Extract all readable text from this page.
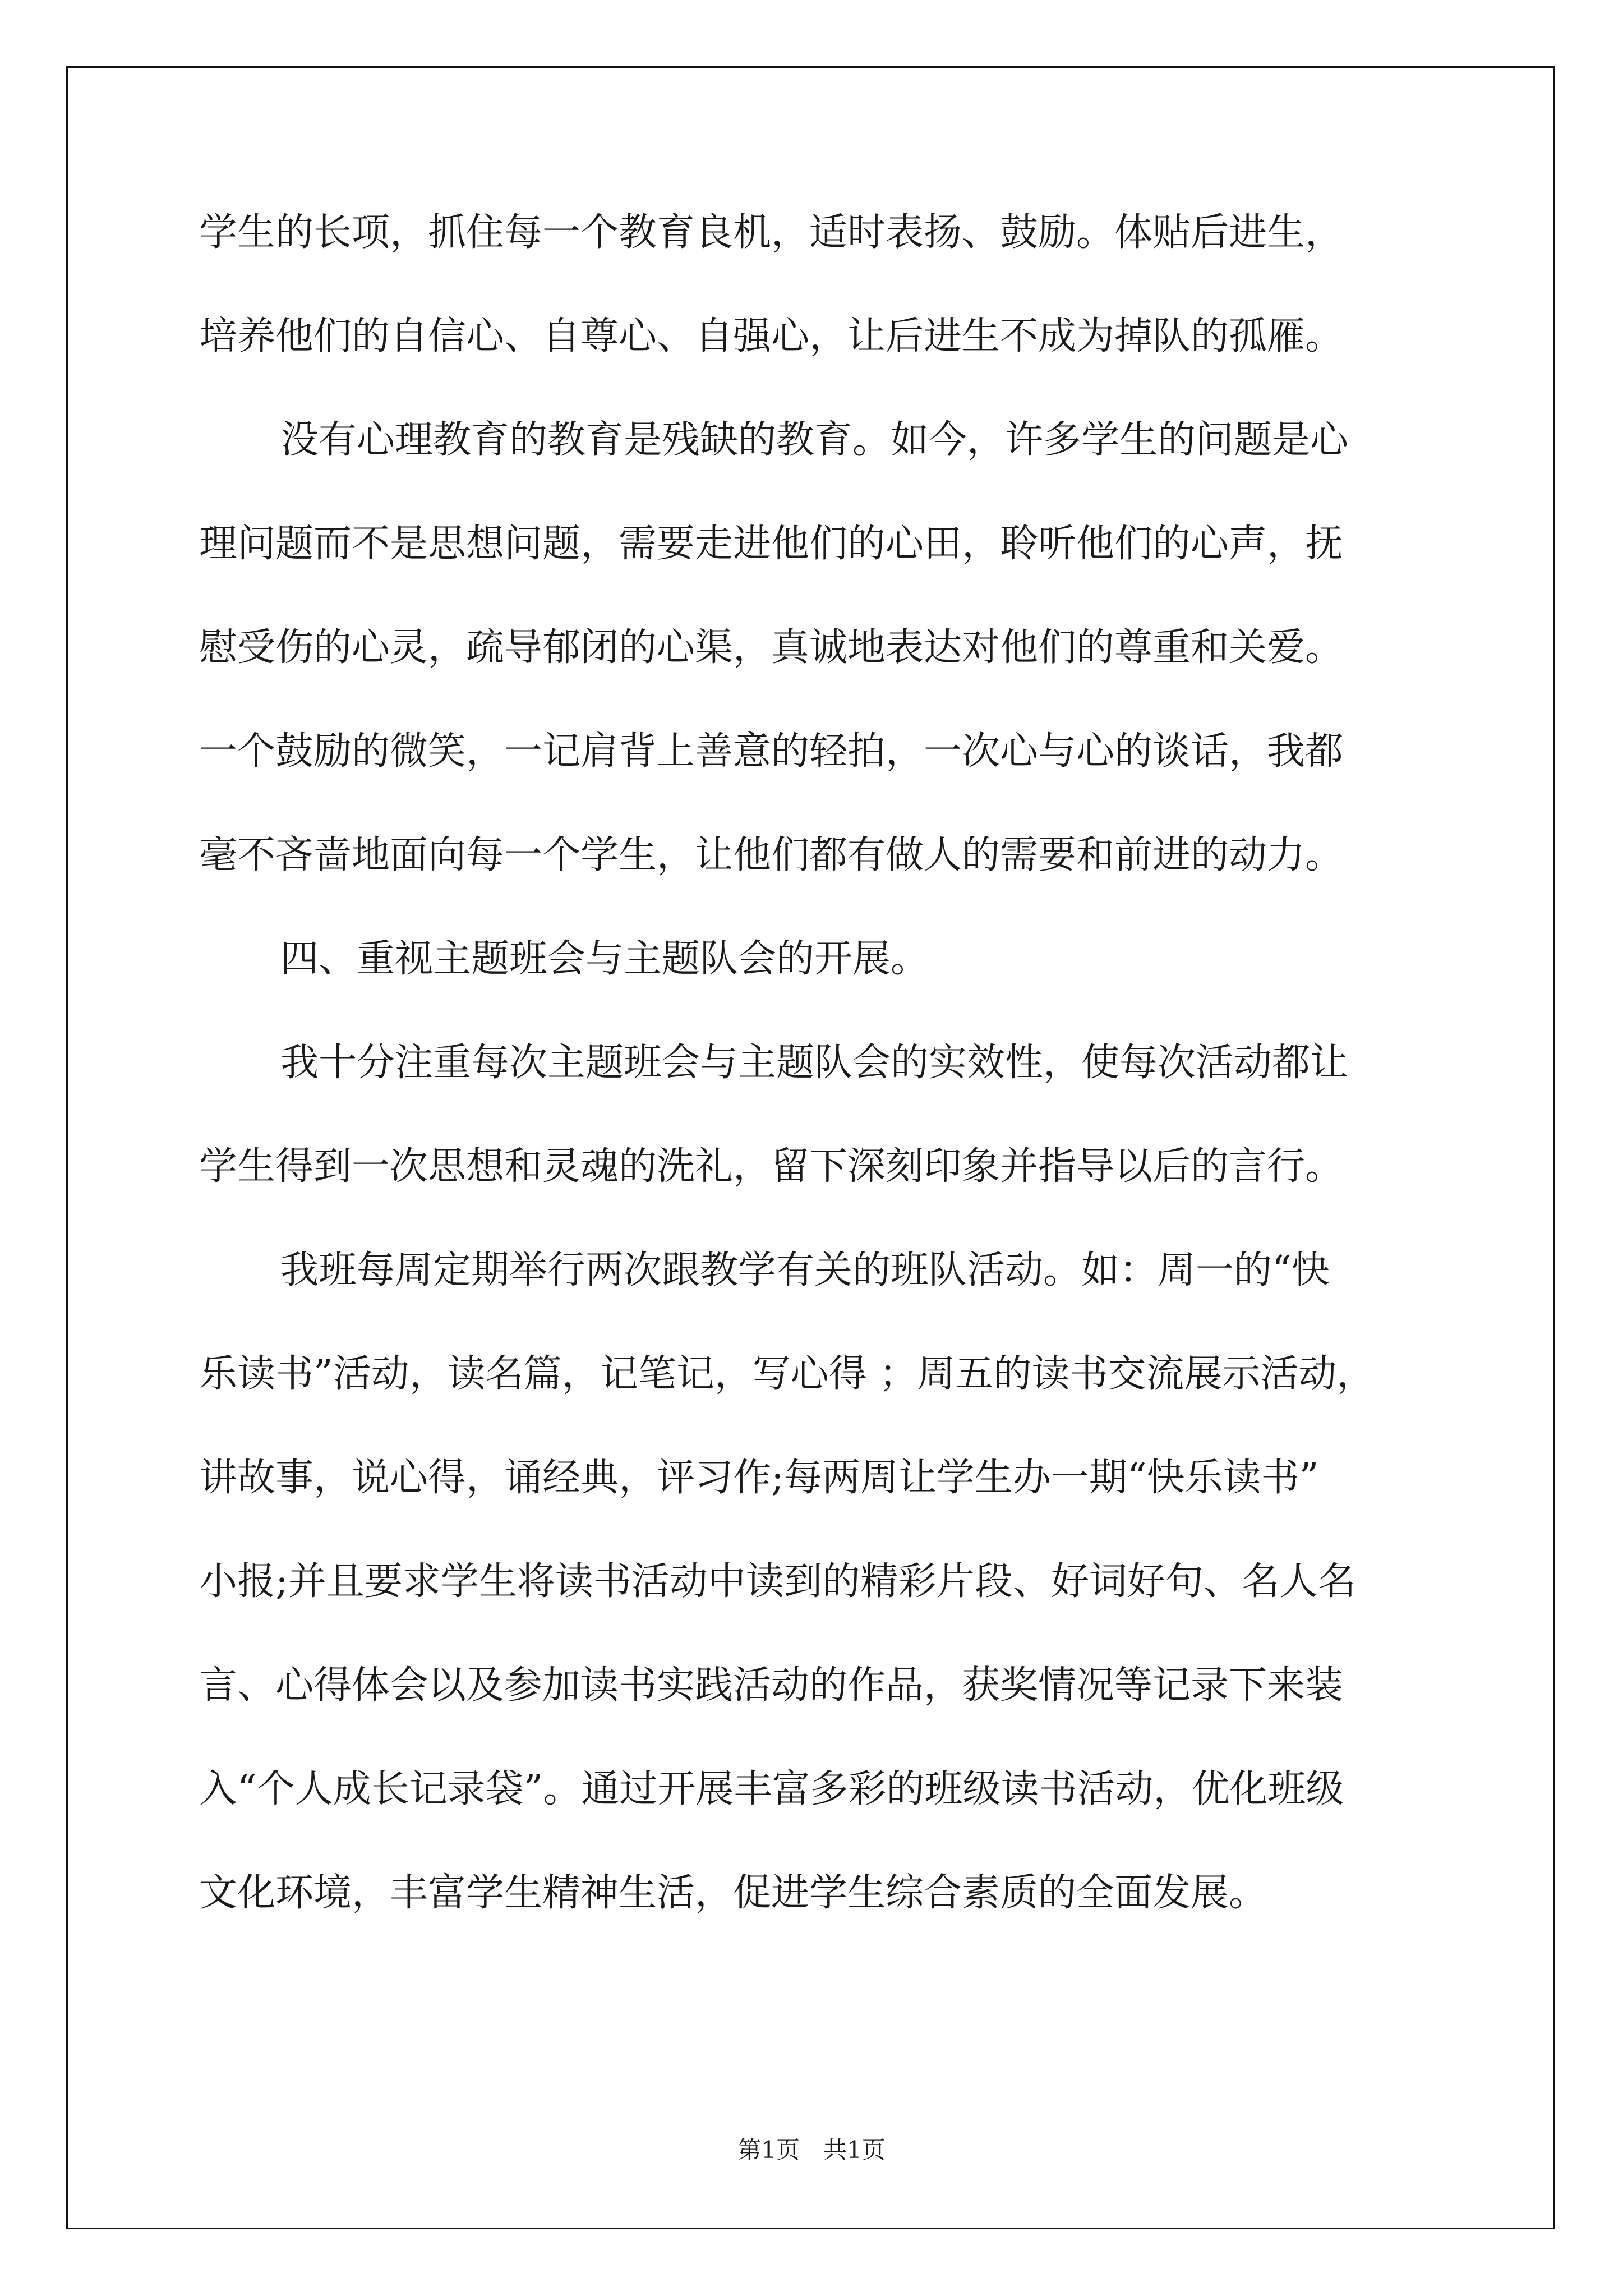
学生的长项，抓住每一个教育良机，适时表扬、鼓励。体贴后进生，
培养他们的自信心、自尊心、自强心，让后进生不成为掉队的孤雁。
没有心理教育的教育是残缺的教育。如今，许多学生的问题是心
理问题而不是思想问题，需要走进他们的心田，聆听他们的心声，抚
慰受伤的心灵，疏导郁闭的心渠，真诚地表达对他们的尊重和关爱。
一个鼓励的微笑，一记肩背上善意的轻拍，一次心与心的谈话，我都
毫不吝啬地面向每一个学生，让他们都有做人的需要和前进的动力。
四、重视主题班会与主题队会的开展。
我十分注重每次主题班会与主题队会的实效性，使每次活动都让
学生得到一次思想和灵魂的洗礼，留下深刻印象并指导以后的言行。
我班每周定期举行两次跟教学有关的班队活动。如：周一的“快
乐读书”活动，读名篇，记笔记，写心得 ；周五的读书交流展示活动，
讲故事，说心得，诵经典，评习作;每两周让学生办一期“快乐读书”
小报;并且要求学生将读书活动中读到的精彩片段、好词好句、名人名
言、心得体会以及参加读书实践活动的作品，获奖情况等记录下来装
入“个人成长记录袋”。通过开展丰富多彩的班级读书活动，优化班级
文化环境，丰富学生精神生活，促进学生综合素质的全面发展。
第1页　共1页
